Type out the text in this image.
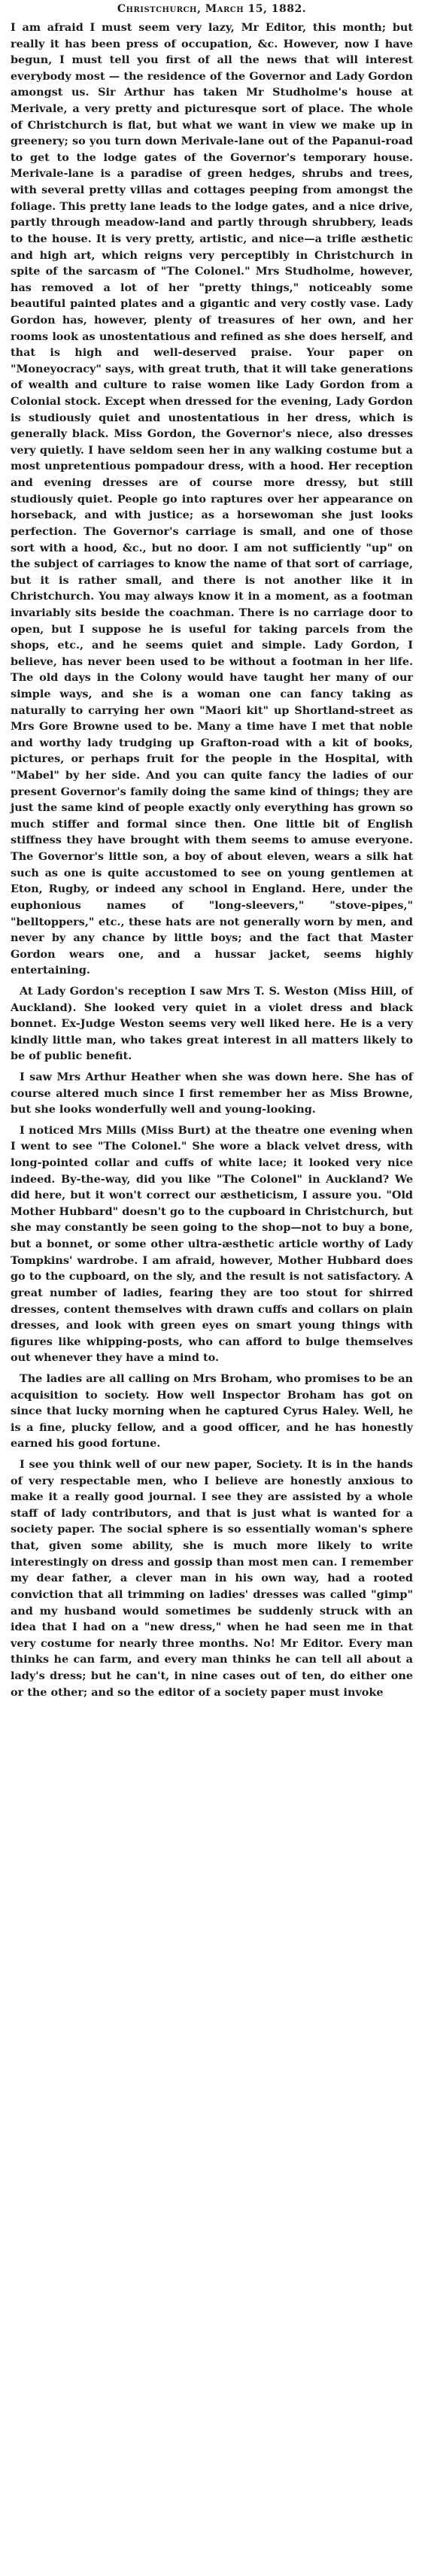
Christchurch, March 15, 1882.

I am afraid I must seem very lazy, Mr Editor, this month; but really it has been press of occupation, &c. However, now I have begun, I must tell you first of all the news that will interest everybody most — the residence of the Governor and Lady Gordon amongst us. Sir Arthur has taken Mr Studholme's house at Merivale, a very pretty and picturesque sort of place. The whole of Christchurch is flat, but what we want in view we make up in greenery; so you turn down Merivale-lane out of the Papanui-road to get to the lodge gates of the Governor's temporary house. Merivale-lane is a paradise of green hedges, shrubs and trees, with several pretty villas and cottages peeping from amongst the foliage. This pretty lane leads to the lodge gates, and a nice drive, partly through meadow-land and partly through shrubbery, leads to the house. It is very pretty, artistic, and nice—a trifle æsthetic and high art, which reigns very perceptibly in Christchurch in spite of the sarcasm of "The Colonel." Mrs Studholme, however, has removed a lot of her "pretty things," noticeably some beautiful painted plates and a gigantic and very costly vase. Lady Gordon has, however, plenty of treasures of her own, and her rooms look as unostentatious and refined as she does herself, and that is high and well-deserved praise. Your paper on "Moneyocracy" says, with great truth, that it will take generations of wealth and culture to raise women like Lady Gordon from a Colonial stock. Except when dressed for the evening, Lady Gordon is studiously quiet and unostentatious in her dress, which is generally black. Miss Gordon, the Governor's niece, also dresses very quietly. I have seldom seen her in any walking costume but a most unpretentious pompadour dress, with a hood. Her reception and evening dresses are of course more dressy, but still studiously quiet. People go into raptures over her appearance on horseback, and with justice; as a horsewoman she just looks perfection. The Governor's carriage is small, and one of those sort with a hood, &c., but no door. I am not sufficiently "up" on the subject of carriages to know the name of that sort of carriage, but it is rather small, and there is not another like it in Christchurch. You may always know it in a moment, as a footman invariably sits beside the coachman. There is no carriage door to open, but I suppose he is useful for taking parcels from the shops, etc., and he seems quiet and simple. Lady Gordon, I believe, has never been used to be without a footman in her life. The old days in the Colony would have taught her many of our simple ways, and she is a woman one can fancy taking as naturally to carrying her own "Maori kit" up Shortland-street as Mrs Gore Browne used to be. Many a time have I met that noble and worthy lady trudging up Grafton-road with a kit of books, pictures, or perhaps fruit for the people in the Hospital, with "Mabel" by her side. And you can quite fancy the ladies of our present Governor's family doing the same kind of things; they are just the same kind of people exactly only everything has grown so much stiffer and formal since then. One little bit of English stiffness they have brought with them seems to amuse everyone. The Governor's little son, a boy of about eleven, wears a silk hat such as one is quite accustomed to see on young gentlemen at Eton, Rugby, or indeed any school in England. Here, under the euphonious names of "long-sleevers," "stove-pipes," "belltoppers," etc., these hats are not generally worn by men, and never by any chance by little boys; and the fact that Master Gordon wears one, and a hussar jacket, seems highly entertaining.

At Lady Gordon's reception I saw Mrs T. S. Weston (Miss Hill, of Auckland). She looked very quiet in a violet dress and black bonnet. Ex-Judge Weston seems very well liked here. He is a very kindly little man, who takes great interest in all matters likely to be of public benefit.

I saw Mrs Arthur Heather when she was down here. She has of course altered much since I first remember her as Miss Browne, but she looks wonderfully well and young-looking.

I noticed Mrs Mills (Miss Burt) at the theatre one evening when I went to see "The Colonel." She wore a black velvet dress, with long-pointed collar and cuffs of white lace; it looked very nice indeed. By-the-way, did you like "The Colonel" in Auckland? We did here, but it won't correct our æstheticism, I assure you. "Old Mother Hubbard" doesn't go to the cupboard in Christchurch, but she may constantly be seen going to the shop—not to buy a bone, but a bonnet, or some other ultra-æsthetic article worthy of Lady Tompkins' wardrobe. I am afraid, however, Mother Hubbard does go to the cupboard, on the sly, and the result is not satisfactory. A great number of ladies, fearing they are too stout for shirred dresses, content themselves with drawn cuffs and collars on plain dresses, and look with green eyes on smart young things with figures like whipping-posts, who can afford to bulge themselves out whenever they have a mind to.

The ladies are all calling on Mrs Broham, who promises to be an acquisition to society. How well Inspector Broham has got on since that lucky morning when he captured Cyrus Haley. Well, he is a fine, plucky fellow, and a good officer, and he has honestly earned his good fortune.

I see you think well of our new paper, Society. It is in the hands of very respectable men, who I believe are honestly anxious to make it a really good journal. I see they are assisted by a whole staff of lady contributors, and that is just what is wanted for a society paper. The social sphere is so essentially woman's sphere that, given some ability, she is much more likely to write interestingly on dress and gossip than most men can. I remember my dear father, a clever man in his own way, had a rooted conviction that all trimming on ladies' dresses was called "gimp" and my husband would sometimes be suddenly struck with an idea that I had on a "new dress," when he had seen me in that very costume for nearly three months. No! Mr Editor. Every man thinks he can farm, and every man thinks he can tell all about a lady's dress; but he can't, in nine cases out of ten, do either one or the other; and so the editor of a society paper must invoke
